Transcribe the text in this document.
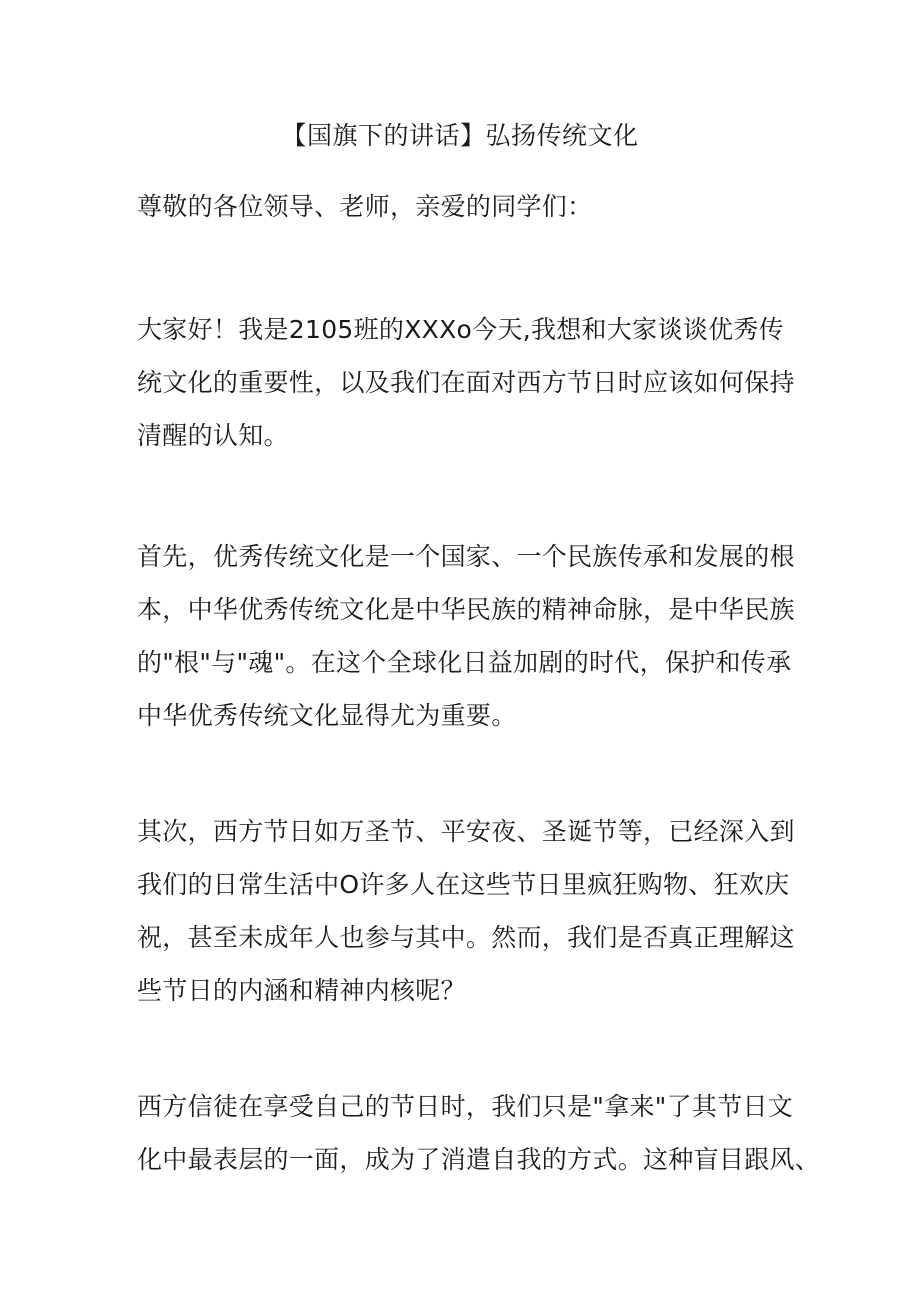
【国旗下的讲话】弘扬传统文化
尊敬的各位领导、老师，亲爱的同学们：
大家好！我是2105班的XXXo今天,我想和大家谈谈优秀传
统文化的重要性，以及我们在面对西方节日时应该如何保持
清醒的认知。
首先，优秀传统文化是一个国家、一个民族传承和发展的根
本，中华优秀传统文化是中华民族的精神命脉，是中华民族
的"根"与"魂"。在这个全球化日益加剧的时代，保护和传承
中华优秀传统文化显得尤为重要。
其次，西方节日如万圣节、平安夜、圣诞节等，已经深入到
我们的日常生活中O许多人在这些节日里疯狂购物、狂欢庆
祝，甚至未成年人也参与其中。然而，我们是否真正理解这
些节日的内涵和精神内核呢？
西方信徒在享受自己的节日时，我们只是"拿来"了其节日文
化中最表层的一面，成为了消遣自我的方式。这种盲目跟风、
